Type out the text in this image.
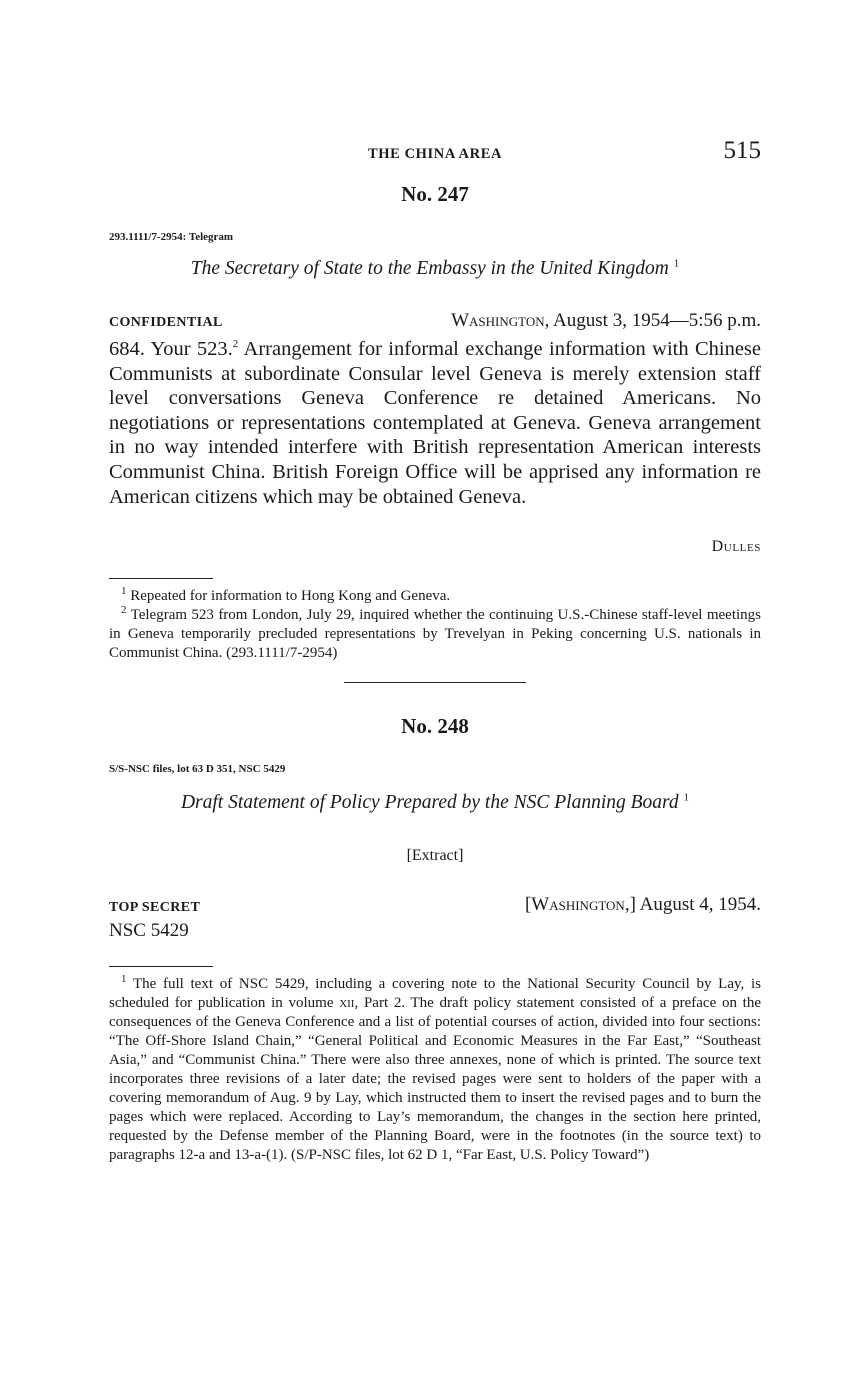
THE CHINA AREA	515
No. 247
293.1111/7-2954: Telegram
The Secretary of State to the Embassy in the United Kingdom $^1$
CONFIDENTIAL	Washington, August 3, 1954—5:56 p.m.

684. Your 523.$^2$ Arrangement for informal exchange information with Chinese Communists at subordinate Consular level Geneva is merely extension staff level conversations Geneva Conference re detained Americans. No negotiations or representations contemplated at Geneva. Geneva arrangement in no way intended interfere with British representation American interests Communist China. British Foreign Office will be apprised any information re American citizens which may be obtained Geneva.

Dulles

$^1$ Repeated for information to Hong Kong and Geneva.

$^2$ Telegram 523 from London, July 29, inquired whether the continuing U.S.-Chinese staff-level meetings in Geneva temporarily precluded representations by Trevelyan in Peking concerning U.S. nationals in Communist China. (293.1111/7-2954)

No. 248
S/S-NSC files, lot 63 D 351, NSC 5429
Draft Statement of Policy Prepared by the NSC Planning Board $^1$
[Extract]
TOP SECRET	[Washington,] August 4, 1954.
NSC 5429

$^1$ The full text of NSC 5429, including a covering note to the National Security Council by Lay, is scheduled for publication in volume xii, Part 2. The draft policy statement consisted of a preface on the consequences of the Geneva Conference and a list of potential courses of action, divided into four sections: “The Off-Shore Island Chain,” “General Political and Economic Measures in the Far East,” “Southeast Asia,” and “Communist China.” There were also three annexes, none of which is printed. The source text incorporates three revisions of a later date; the revised pages were sent to holders of the paper with a covering memorandum of Aug. 9 by Lay, which instructed them to insert the revised pages and to burn the pages which were replaced. According to Lay’s memorandum, the changes in the section here printed, requested by the Defense member of the Planning Board, were in the footnotes (in the source text) to paragraphs 12-a and 13-a-(1). (S/P-NSC files, lot 62 D 1, “Far East, U.S. Policy Toward”)
